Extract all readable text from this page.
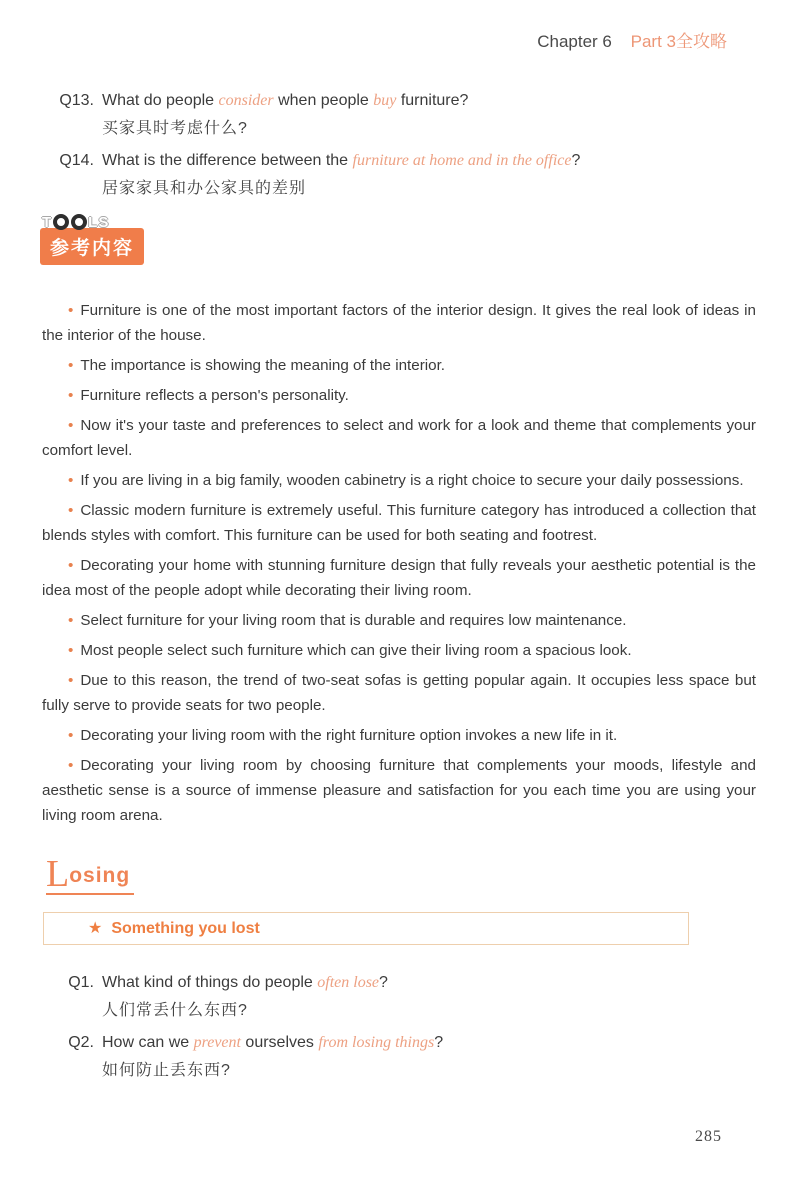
Chapter 6 Part 3全攻略
Q13. What do people consider when people buy furniture?
买家具时考虑什么?
Q14. What is the difference between the furniture at home and in the office?
居家家具和办公家具的差别
T LS
参考内容

• Furniture is one of the most important factors of the interior design. It gives the real look of ideas in the interior of the house.

• The importance is showing the meaning of the interior.

• Furniture reflects a person's personality.

• Now it's your taste and preferences to select and work for a look and theme that complements your comfort level.

• If you are living in a big family, wooden cabinetry is a right choice to secure your daily possessions.

• Classic modern furniture is extremely useful. This furniture category has introduced a collection that blends styles with comfort. This furniture can be used for both seating and footrest.

• Decorating your home with stunning furniture design that fully reveals your aesthetic potential is the idea most of the people adopt while decorating their living room.

• Select furniture for your living room that is durable and requires low maintenance.

• Most people select such furniture which can give their living room a spacious look.

• Due to this reason, the trend of two-seat sofas is getting popular again. It occupies less space but fully serve to provide seats for two people.

• Decorating your living room with the right furniture option invokes a new life in it.

• Decorating your living room by choosing furniture that complements your moods, lifestyle and aesthetic sense is a source of immense pleasure and satisfaction for you each time you are using your living room arena.

Losing
★ Something you lost
Q1. What kind of things do people often lose?
人们常丢什么东西?
Q2. How can we prevent ourselves from losing things?
如何防止丢东西?
285
